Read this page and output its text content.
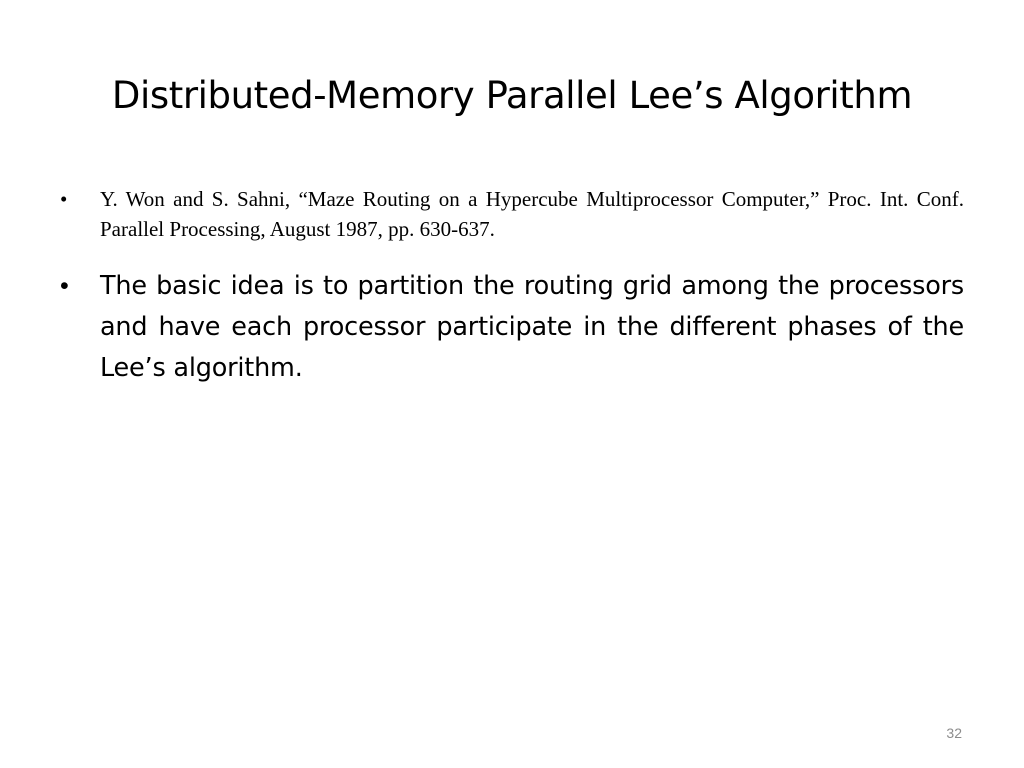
Distributed-Memory Parallel Lee’s Algorithm
• Y. Won and S. Sahni, “Maze Routing on a Hypercube Multiprocessor Computer,” Proc. Int. Conf. Parallel Processing, August 1987, pp. 630-637.
• The basic idea is to partition the routing grid among the processors and have each processor participate in the different phases of the Lee’s algorithm.
32
